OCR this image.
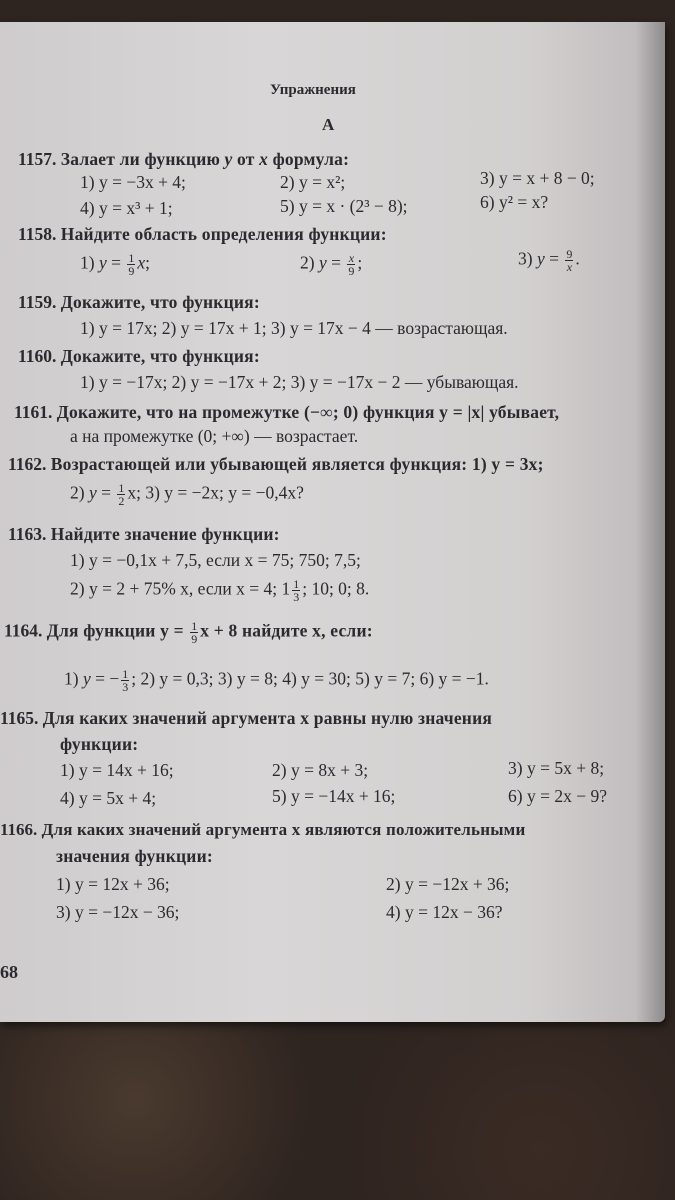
Упражнения
А
1157. Залает ли функцию y от x формула:
1) y = −3x + 4;	2) y = x²;	3) y = x + 8 − 0;
4) y = x³ + 1;	5) y = x · (2³ − 8);	6) y² = x?
1158. Найдите область определения функции:
1) $y = \frac{1}{9} x$;	2) $y = \frac{x}{9}$ ;	3) $y = \frac{9}{x}$ .
1159. Докажите, что функция:
1) y = 17x; 2) y = 17x + 1; 3) y = 17x − 4 — возрастающая.
1160. Докажите, что функция:
1) y = −17x; 2) y = −17x + 2; 3) y = −17x − 2 — убывающая.
1161. Докажите, что на промежутке (−∞; 0) функция y = |x| убывает,
а на промежутке (0; +∞) — возрастает.
1162. Возрастающей или убывающей является функция: 1) y = 3x;
2) $y = \frac{1}{2} x$; 3) y = −2x; y = −0,4x?
1163. Найдите значение функции:
1) y = −0,1x + 7,5, если x = 75; 750; 7,5;
2) y = 2 + 75% x, если x = 4; $1 \frac{1}{3}$ ; 10; 0; 8.
1164. Для функции $y = \frac{1}{9}$ x + 8 найдите x, если:
1) y = − $\frac{1}{3}$ ; 2) y = 0,3; 3) y = 8; 4) y = 30; 5) y = 7; 6) y = −1.
1165. Для каких значений аргумента x равны нулю значения
функции:
1) y = 14x + 16;	2) y = 8x + 3;	3) y = 5x + 8;
4) y = 5x + 4;	5) y = −14x + 16;	6) y = 2x − 9?
1166. Для каких значений аргумента x являются положительными
значения функции:
1) y = 12x + 36;	2) y = −12x + 36;
3) y = −12x − 36;	4) y = 12x − 36?
68
